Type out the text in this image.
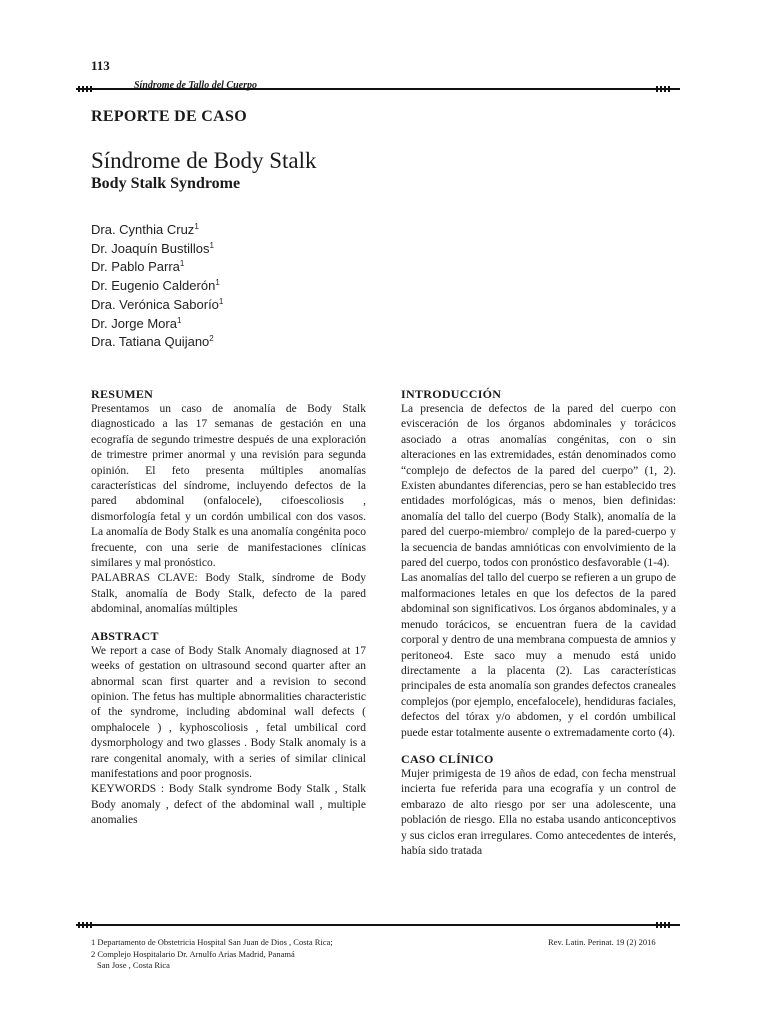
113
Síndrome de Tallo del Cuerpo
REPORTE DE CASO
Síndrome de Body Stalk
Body Stalk Syndrome
Dra. Cynthia Cruz$^1$
Dr. Joaquín Bustillos$^1$
Dr. Pablo Parra$^1$
Dr. Eugenio Calderón$^1$
Dra. Verónica Saborío$^1$
Dr. Jorge Mora$^1$
Dra. Tatiana Quijano$^2$
RESUMEN

Presentamos un caso de anomalía de Body Stalk diagnosticado a las 17 semanas de gestación en una ecografía de segundo trimestre después de una exploración de trimestre primer anormal y una revisión para segunda opinión. El feto presenta múltiples anomalías características del síndrome, incluyendo defectos de la pared abdominal (onfalocele), cifoescoliosis , dismorfología fetal y un cordón umbilical con dos vasos. La anomalía de Body Stalk es una anomalía congénita poco frecuente, con una serie de manifestaciones clínicas similares y mal pronóstico.

PALABRAS CLAVE: Body Stalk, síndrome de Body Stalk, anomalía de Body Stalk, defecto de la pared abdominal, anomalías múltiples

ABSTRACT

We report a case of Body Stalk Anomaly diagnosed at 17 weeks of gestation on ultrasound second quarter after an abnormal scan first quarter and a revision to second opinion. The fetus has multiple abnormalities characteristic of the syndrome, including abdominal wall defects ( omphalocele ) , kyphoscoliosis , fetal umbilical cord dysmorphology and two glasses . Body Stalk anomaly is a rare congenital anomaly, with a series of similar clinical manifestations and poor prognosis.

KEYWORDS : Body Stalk syndrome Body Stalk , Stalk Body anomaly , defect of the abdominal wall , multiple anomalies

INTRODUCCIÓN

La presencia de defectos de la pared del cuerpo con evisceración de los órganos abdominales y torácicos asociado a otras anomalías congénitas, con o sin alteraciones en las extremidades, están denominados como “complejo de defectos de la pared del cuerpo” (1, 2). Existen abundantes diferencias, pero se han establecido tres entidades morfológicas, más o menos, bien definidas: anomalía del tallo del cuerpo (Body Stalk), anomalía de la pared del cuerpo-miembro/ complejo de la pared-cuerpo y la secuencia de bandas amnióticas con envolvimiento de la pared del cuerpo, todos con pronóstico desfavorable (1-4).

Las anomalías del tallo del cuerpo se refieren a un grupo de malformaciones letales en que los defectos de la pared abdominal son significativos. Los órganos abdominales, y a menudo torácicos, se encuentran fuera de la cavidad corporal y dentro de una membrana compuesta de amnios y peritoneo4. Este saco muy a menudo está unido directamente a la placenta (2). Las características principales de esta anomalía son grandes defectos craneales complejos (por ejemplo, encefalocele), hendiduras faciales, defectos del tórax y/o abdomen, y el cordón umbilical puede estar totalmente ausente o extremadamente corto (4).

CASO CLÍNICO

Mujer primigesta de 19 años de edad, con fecha menstrual incierta fue referida para una ecografía y un control de embarazo de alto riesgo por ser una adolescente, una población de riesgo. Ella no estaba usando anticonceptivos y sus ciclos eran irregulares. Como antecedentes de interés, había sido tratada

1 Departamento de Obstetricia Hospital San Juan de Dios , Costa Rica;
2 Complejo Hospitalario Dr. Arnulfo Arias Madrid, Panamá
San Jose , Costa Rica
Rev. Latin. Perinat. 19 (2) 2016
